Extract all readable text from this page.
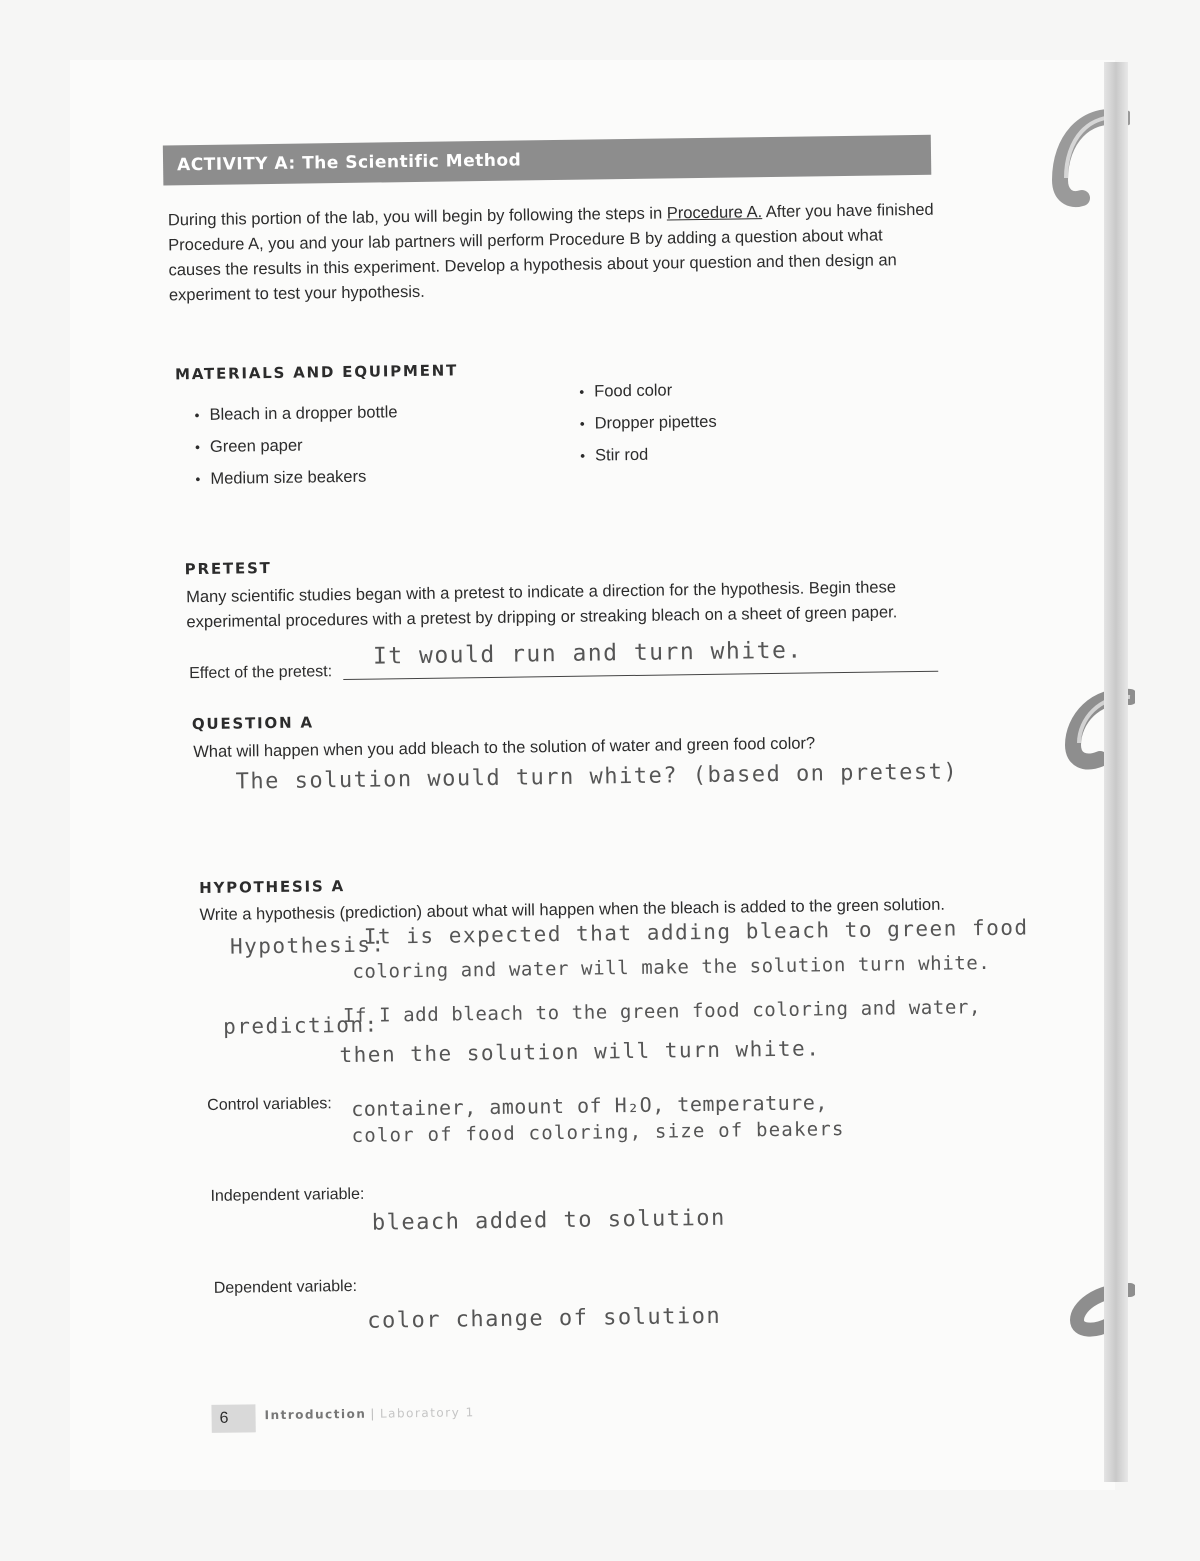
ACTIVITY A: The Scientific Method

During this portion of the lab, you will begin by following the steps in Procedure A. After you have finished Procedure A, you and your lab partners will perform Procedure B by adding a question about what causes the results in this experiment. Develop a hypothesis about your question and then design an experiment to test your hypothesis.

MATERIALS AND EQUIPMENT
• Bleach in a dropper bottle
• Green paper
• Medium size beakers
• Food color
• Dropper pipettes
• Stir rod
PRETEST

Many scientific studies began with a pretest to indicate a direction for the hypothesis. Begin these experimental procedures with a pretest by dripping or streaking bleach on a sheet of green paper.

Effect of the pretest:
It would run and turn white.
QUESTION A

What will happen when you add bleach to the solution of water and green food color?

The solution would turn white? (based on pretest)
HYPOTHESIS A

Write a hypothesis (prediction) about what will happen when the bleach is added to the green solution.

Hypothesis:
It is expected that adding bleach to green food
coloring and water will make the solution turn white.
prediction:
If I add bleach to the green food coloring and water,
then the solution will turn white.
Control variables: container, amount of H₂O, temperature,
color of food coloring, size of beakers
Independent variable:
bleach added to solution
Dependent variable:
color change of solution
6	Introduction | Laboratory 1
